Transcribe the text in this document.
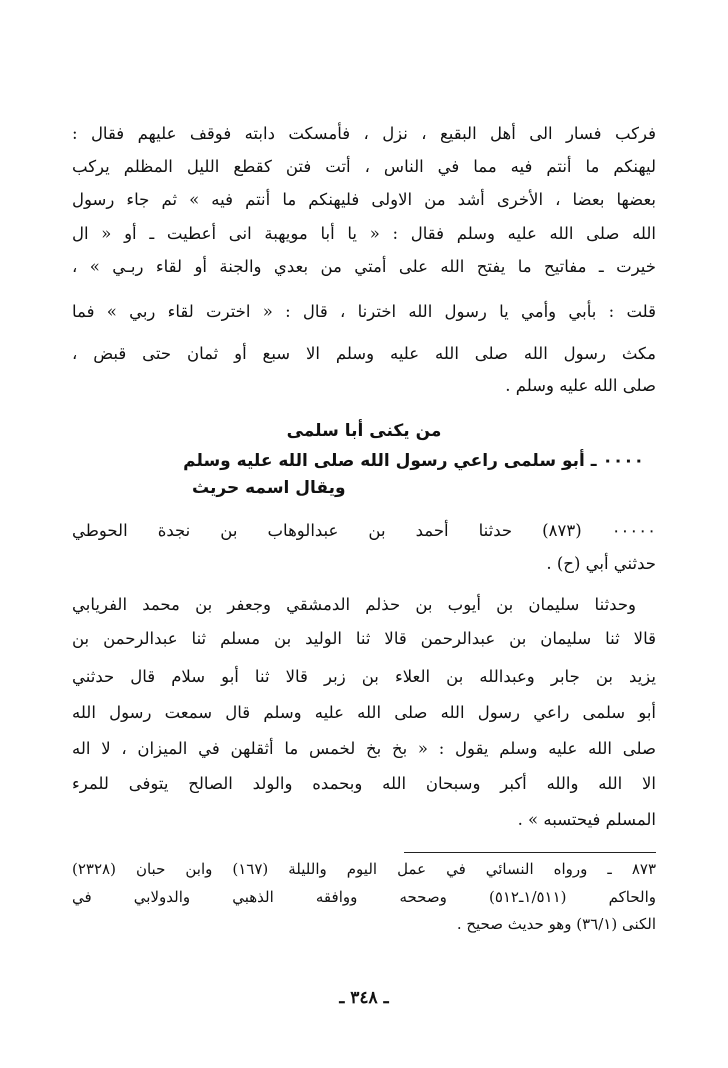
فركب فسار الى أهل البقيع ، نزل ، فأمسكت دابته فوقف عليهم فقال :
ليهنكم ما أنتم فيه مما في الناس ، أتت فتن كقطع الليل المظلم يركب
بعضها بعضا ، الأخرى أشد من الاولى فليهنكم ما أنتم فيه » ثم جاء رسول
الله صلى الله عليه وسلم فقال : « يا أبا مويهبة انى أعطيت ـ أو « ال
خيرت ـ مفاتيح ما يفتح الله على أمتي من بعدي والجنة أو لقاء ربـي » ،
قلت : بأبي وأمي يا رسول الله اخترنا ، قال : « اخترت لقاء ربي » فما
مكث رسول الله صلى الله عليه وسلم الا سبع أو ثمان حتى قبض ،
صلى الله عليه وسلم .
من يكنى أبا سلمى
٠٠٠٠ ـ أبو سلمى راعي رسول الله صلى الله عليه وسلم
ويقال اسمه حريث
٠٠٠٠٠ (٨٧٣) حدثنا أحمد بن عبدالوهاب بن نجدة الحوطي
حدثني أبي (ح) .
وحدثنا سليمان بن أيوب بن حذلم الدمشقي وجعفر بن محمد الفريابي
قالا ثنا سليمان بن عبدالرحمن قالا ثنا الوليد بن مسلم ثنا عبدالرحمن بن
يزيد بن جابر وعبدالله بن العلاء بن زبر قالا ثنا أبو سلام قال حدثني
أبو سلمى راعي رسول الله صلى الله عليه وسلم قال سمعت رسول الله
صلى الله عليه وسلم يقول : « بخ بخ لخمس ما أثقلهن في الميزان ، لا اله
الا الله والله أكبر وسبحان الله وبحمده والولد الصالح يتوفى للمرء
المسلم فيحتسبه » .
٨٧٣ ـ ورواه النسائي في عمل اليوم والليلة (١٦٧) وابن حبان (٢٣٢٨)
والحاكم (١/٥١١ـ٥١٢) وصححه ووافقه الذهبي والدولابي في
الكنى (٣٦/١) وهو حديث صحيح .
ـ ٣٤٨ ـ
